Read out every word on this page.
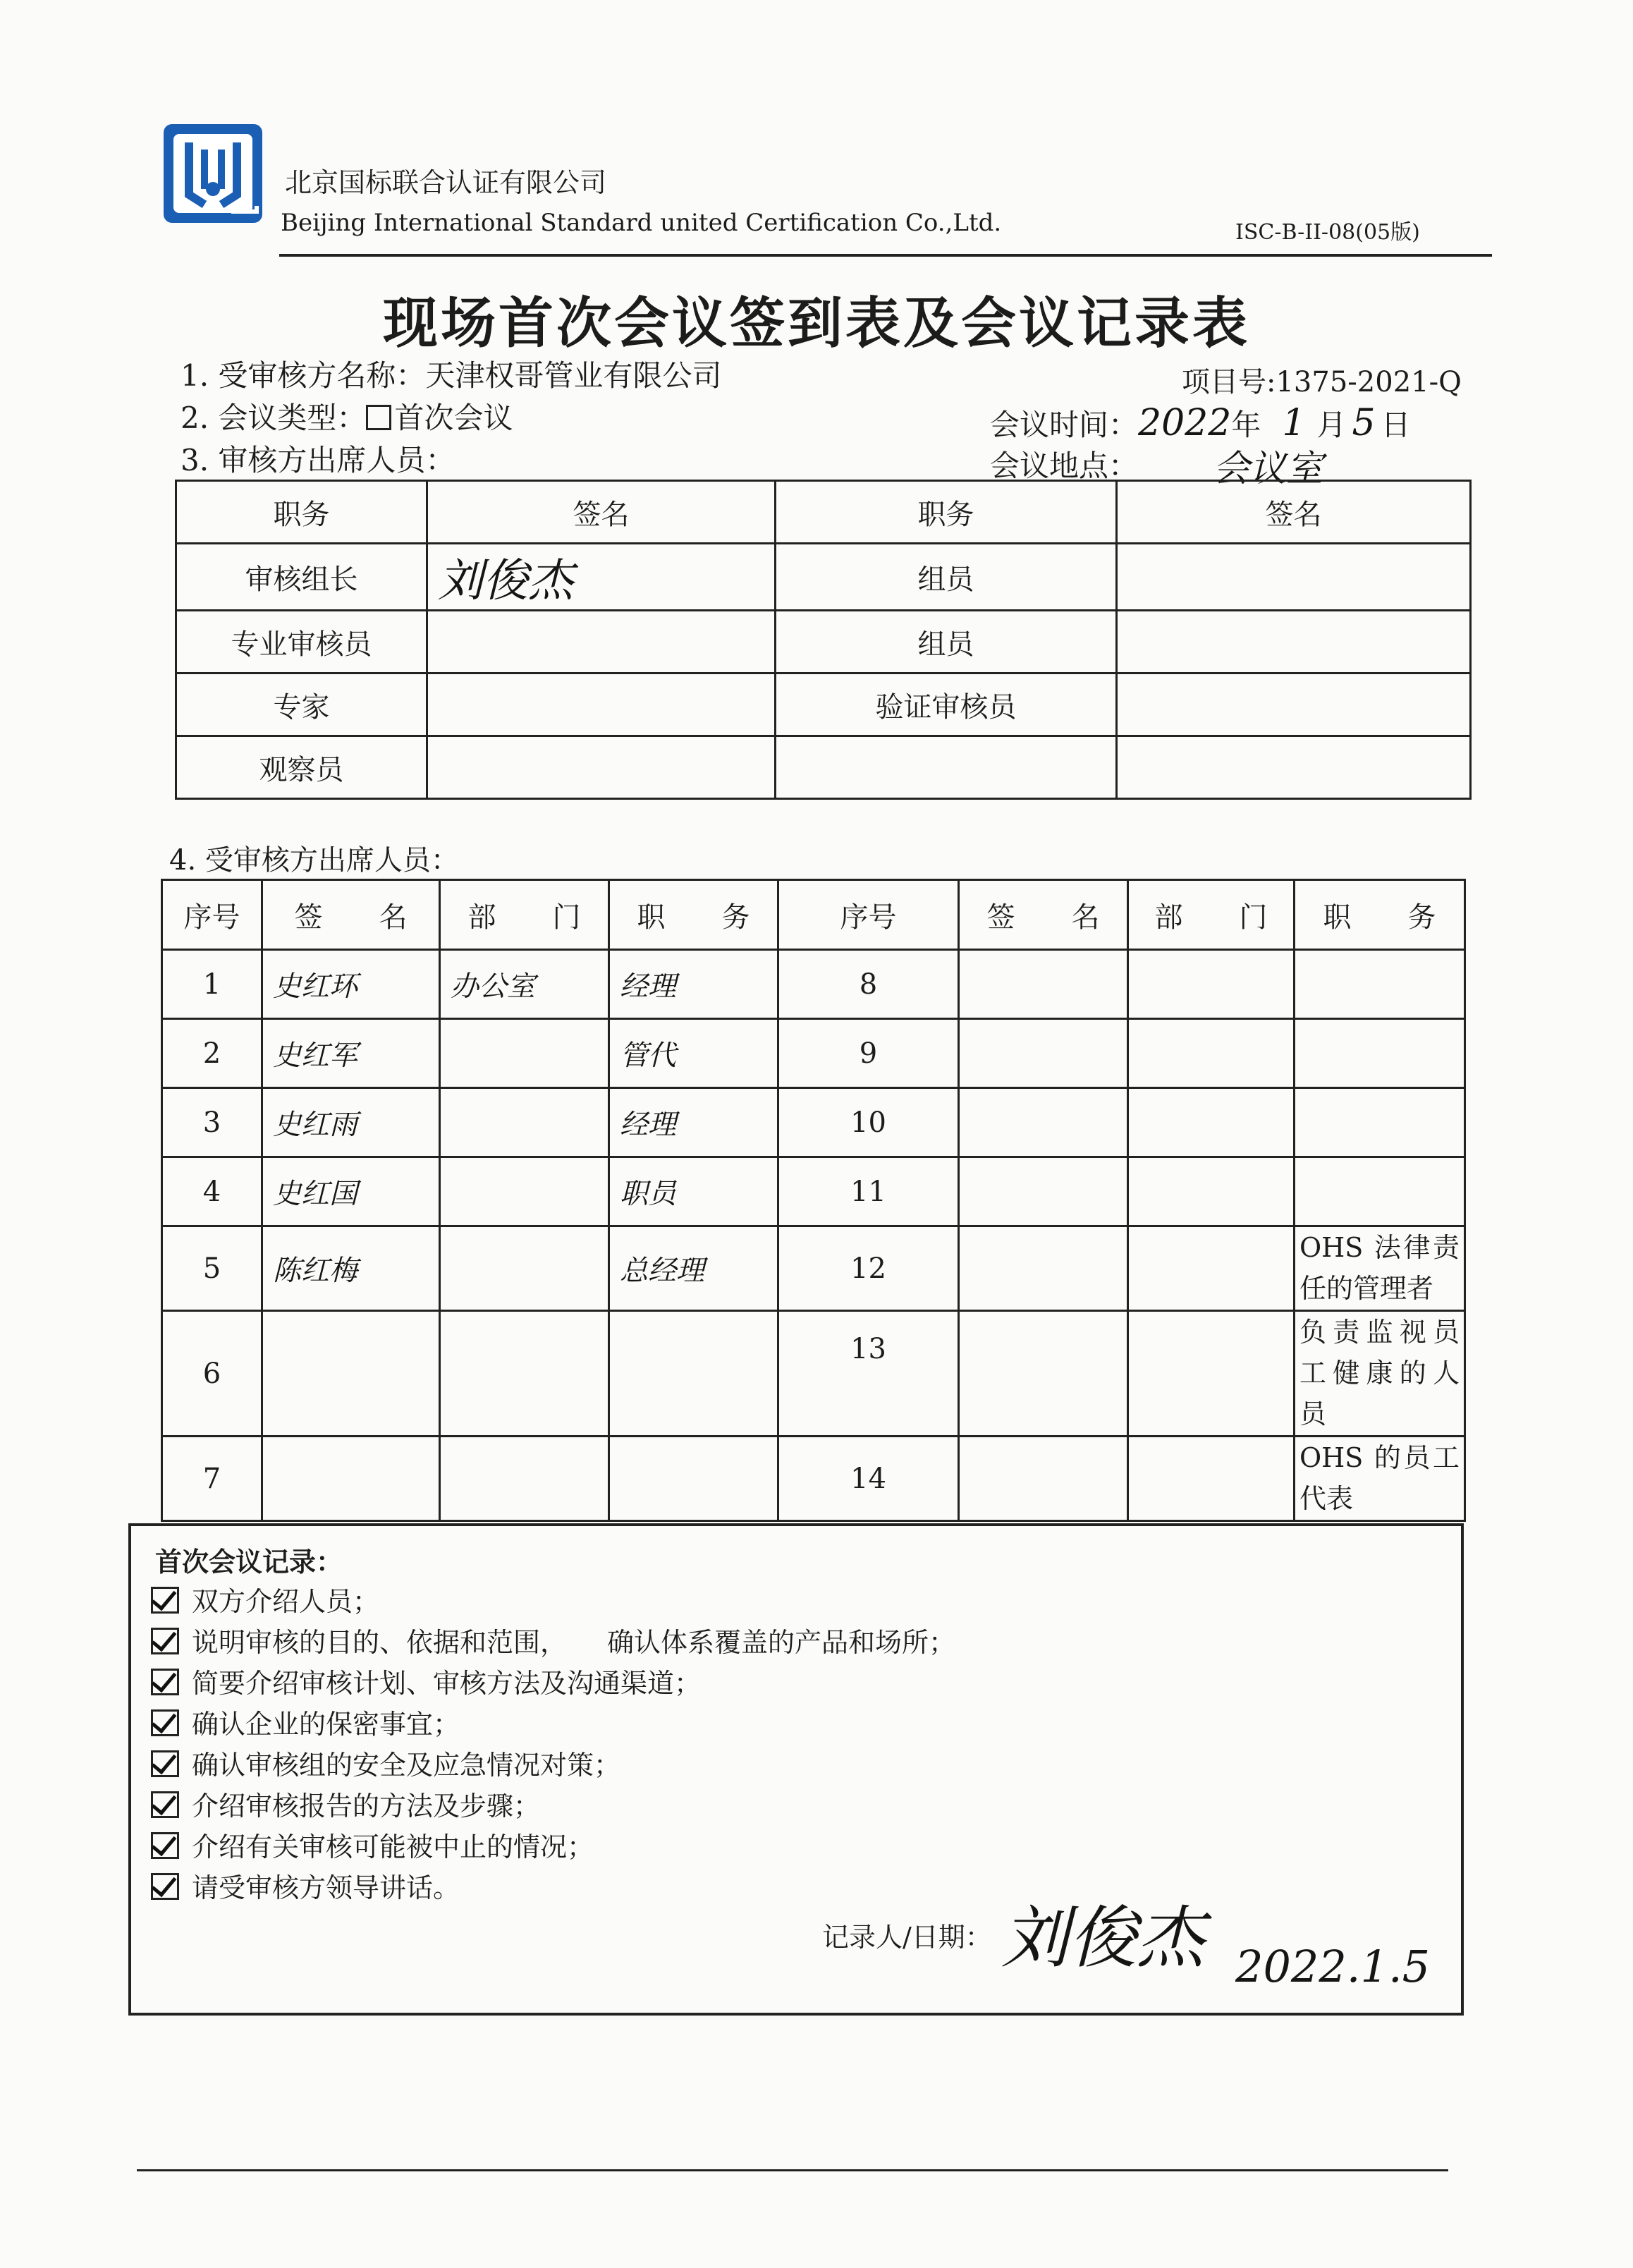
北京国标联合认证有限公司
Beijing International Standard united Certification Co.,Ltd.	ISC-B-II-08(05版)
现场首次会议签到表及会议记录表
1. 受审核方名称：天津权哥管业有限公司	项目号:1375-2021-Q
2. 会议类型： 首次会议	会议时间：2022年 1 月 5 日
3. 审核方出席人员：	会议地点： 会议室
职务	签名	职务	签名
审核组长	刘俊杰	组员	
专业审核员		组员	
专家		验证审核员	
观察员			
4. 受审核方出席人员：
序号	签　　名	部　　门	职　　务	序号	签　　名	部　　门	职　　务
1	史红环	办公室	经理	8			
2	史红军		管代	9			
3	史红雨		经理	10			
4	史红国		职员	11			
5	陈红梅		总经理	12			OHS 法律责任的管理者
6				13			负责监视员工健康的人员
7				14			OHS 的员工代表
首次会议记录：
双方介绍人员；
说明审核的目的、依据和范围，　　确认体系覆盖的产品和场所；
简要介绍审核计划、审核方法及沟通渠道；
确认企业的保密事宜；
确认审核组的安全及应急情况对策；
介绍审核报告的方法及步骤；
介绍有关审核可能被中止的情况；
请受审核方领导讲话。
记录人/日期： 刘俊杰 2022.1.5
